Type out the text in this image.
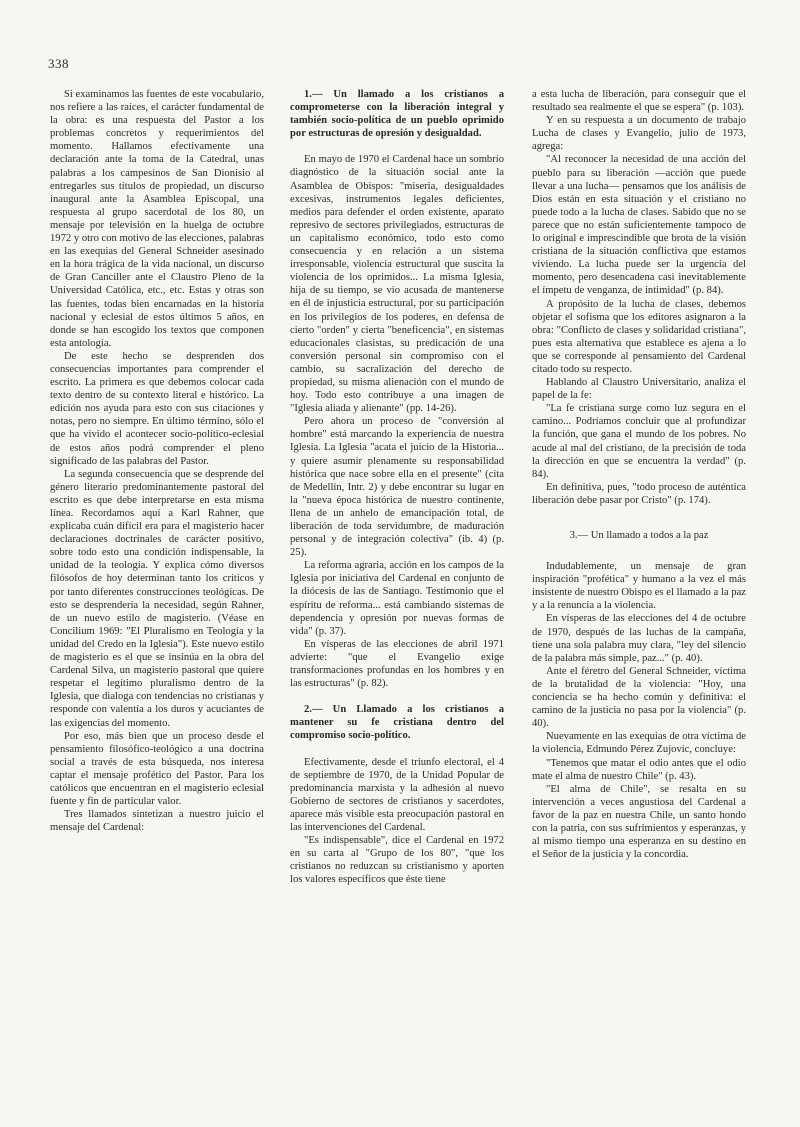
338

Si examinamos las fuentes de este vocabulario, nos refiere a las raíces, el carácter fundamental de la obra: es una respuesta del Pastor a los problemas concretos y requerimientos del momento. Hallamos efectivamente una declaración ante la toma de la Catedral, unas palabras a los campesinos de San Dionisio al entregarles sus títulos de propiedad, un discurso inaugural ante la Asamblea Episcopal, una respuesta al grupo sacerdotal de los 80, un mensaje por televisión en la huelga de octubre 1972 y otro con motivo de las elecciones, palabras en las exequias del General Schneider asesinado en la hora trágica de la vida nacional, un discurso de Gran Canciller ante el Claustro Pleno de la Universidad Católica, etc., etc. Estas y otras son las fuentes, todas bien encarnadas en la historia nacional y eclesial de estos últimos 5 años, en donde se han escogido los textos que componen esta antología.

De este hecho se desprenden dos consecuencias importantes para comprender el escrito. La primera es que debemos colocar cada texto dentro de su contexto literal e histórico. La edición nos ayuda para esto con sus citaciones y notas, pero no siempre. En último término, sólo el que ha vivido el acontecer socio-político-eclesial de estos años podrá comprender el pleno significado de las palabras del Pastor.

La segunda consecuencia que se desprende del género literario predominantemente pastoral del escrito es que debe interpretarse en esta misma línea. Recordamos aquí a Karl Rahner, que explicaba cuán difícil era para el magisterio hacer declaraciones doctrinales de carácter positivo, sobre todo esto una condición indispensable, la unidad de la teología. Y explica cómo diversos filósofos de hoy determinan tanto los críticos y por tanto diferentes construcciones teológicas. De esto se desprendería la necesidad, según Rahner, de un nuevo estilo de magisterio. (Véase en Concilium 1969: "El Pluralismo en Teología y la unidad del Credo en la Iglesia"). Este nuevo estilo de magisterio es el que se insinúa en la obra del Cardenal Silva, un magisterio pastoral que quiere respetar el legítimo pluralismo dentro de la Iglesia, que dialoga con tendencias no cristianas y responde con valentía a los duros y acuciantes de las exigencias del momento.

Por eso, más bien que un proceso desde el pensamiento filosófico-teológico a una doctrina social a través de esta búsqueda, nos interesa captar el mensaje profético del Pastor. Para los católicos que encuentran en el magisterio eclesial fuente y fin de particular valor.

Tres llamados sintetizan a nuestro juicio el mensaje del Cardenal:

1.— Un llamado a los cristianos a comprometerse con la liberación integral y también socio-política de un pueblo oprimido por estructuras de opresión y desigualdad.

En mayo de 1970 el Cardenal hace un sombrío diagnóstico de la situación social ante la Asamblea de Obispos: "miseria, desigualdades excesivas, instrumentos legales deficientes, medios para defender el orden existente, aparato represivo de sectores privilegiados, estructuras de un capitalismo económico, todo esto como consecuencia y en relación a un sistema irresponsable, violencia estructural que suscita la violencia de los oprimidos... La misma Iglesia, hija de su tiempo, se vio acusada de mantenerse en él de injusticia estructural, por su participación en los privilegios de los poderes, en defensa de cierto "orden" y cierta "beneficencia", en sistemas educacionales clasistas, su predicación de una conversión personal sin compromiso con el cambio, su sacralización del derecho de propiedad, su misma alienación con el mundo de hoy. Todo esto contribuye a una imagen de "Iglesia aliada y alienante" (pp. 14-26).

Pero ahora un proceso de "conversión al hombre" está marcando la experiencia de nuestra Iglesia. La Iglesia "acata el juicio de la Historia... y quiere asumir plenamente su responsabilidad histórica que nace sobre ella en el presente" (cita de Medellín, Intr. 2) y debe encontrar su lugar en la "nueva época histórica de nuestro continente, llena de un anhelo de emancipación total, de liberación de toda servidumbre, de maduración personal y de integración colectiva" (ib. 4) (p. 25).

La reforma agraria, acción en los campos de la Iglesia por iniciativa del Cardenal en conjunto de la diócesis de las de Santiago. Testimonio que el espíritu de reforma... está cambiando sistemas de dependencia y opresión por nuevas formas de vida" (p. 37).

En vísperas de las elecciones de abril 1971 advierte: "que el Evangelio exige transformaciones profundas en los hombres y en las estructuras" (p. 82).

2.— Un Llamado a los cristianos a mantener su fe cristiana dentro del compromiso socio-político.

Efectivamente, desde el triunfo electoral, el 4 de septiembre de 1970, de la Unidad Popular de predominancia marxista y la adhesión al nuevo Gobierno de sectores de cristianos y sacerdotes, aparece más visible esta preocupación pastoral en las intervenciones del Cardenal.

"Es indispensable", dice el Cardenal en 1972 en su carta al "Grupo de los 80", "que los cristianos no reduzcan su cristianismo y aporten los valores específicos que éste tiene

a esta lucha de liberación, para conseguir que el resultado sea realmente el que se espera" (p. 103).

Y en su respuesta a un documento de trabajo Lucha de clases y Evangelio, julio de 1973, agrega:

"Al reconocer la necesidad de una acción del pueblo para su liberación —acción que puede llevar a una lucha— pensamos que los análisis de Dios están en esta situación y el cristiano no puede todo a la lucha de clases. Sabido que no se parece que no están suficientemente tampoco de lo original e imprescindible que brota de la visión cristiana de la situación conflictiva que estamos viviendo. La lucha puede ser la urgencia del momento, pero desencadena casi inevitablemente el ímpetu de venganza, de intimidad" (p. 84).

A propósito de la lucha de clases, debemos objetar el sofisma que los editores asignaron a la obra: "Conflicto de clases y solidaridad cristiana", pues esta alternativa que establece es ajena a lo que se corresponde al pensamiento del Cardenal citado todo su respecto.

Hablando al Claustro Universitario, analiza el papel de la fe:

"La fe cristiana surge como luz segura en el camino... Podríamos concluir que al profundizar la función, que gana el mundo de los pobres. No acude al mal del cristiano, de la precisión de toda la dirección en que se encuentra la verdad" (p. 84).

En definitiva, pues, "todo proceso de auténtica liberación debe pasar por Cristo" (p. 174).

3.— Un llamado a todos a la paz

Indudablemente, un mensaje de gran inspiración "profética" y humano a la vez el más insistente de nuestro Obispo es el llamado a la paz y a la renuncia a la violencia.

En vísperas de las elecciones del 4 de octubre de 1970, después de las luchas de la campaña, tiene una sola palabra muy clara, "ley del silencio de la palabra más simple, paz..." (p. 40).

Ante el féretro del General Schneider, víctima de la brutalidad de la violencia: "Hoy, una conciencia se ha hecho común y definitiva: el camino de la justicia no pasa por la violencia" (p. 40).

Nuevamente en las exequias de otra víctima de la violencia, Edmundo Pérez Zujovic, concluye:

"Tenemos que matar el odio antes que el odio mate el alma de nuestro Chile" (p. 43).

"El alma de Chile", se resalta en su intervención a veces angustiosa del Cardenal a favor de la paz en nuestra Chile, un santo hondo con la patria, con sus sufrimientos y esperanzas, y al mismo tiempo una esperanza en su destino en el Señor de la justicia y la concordia.
